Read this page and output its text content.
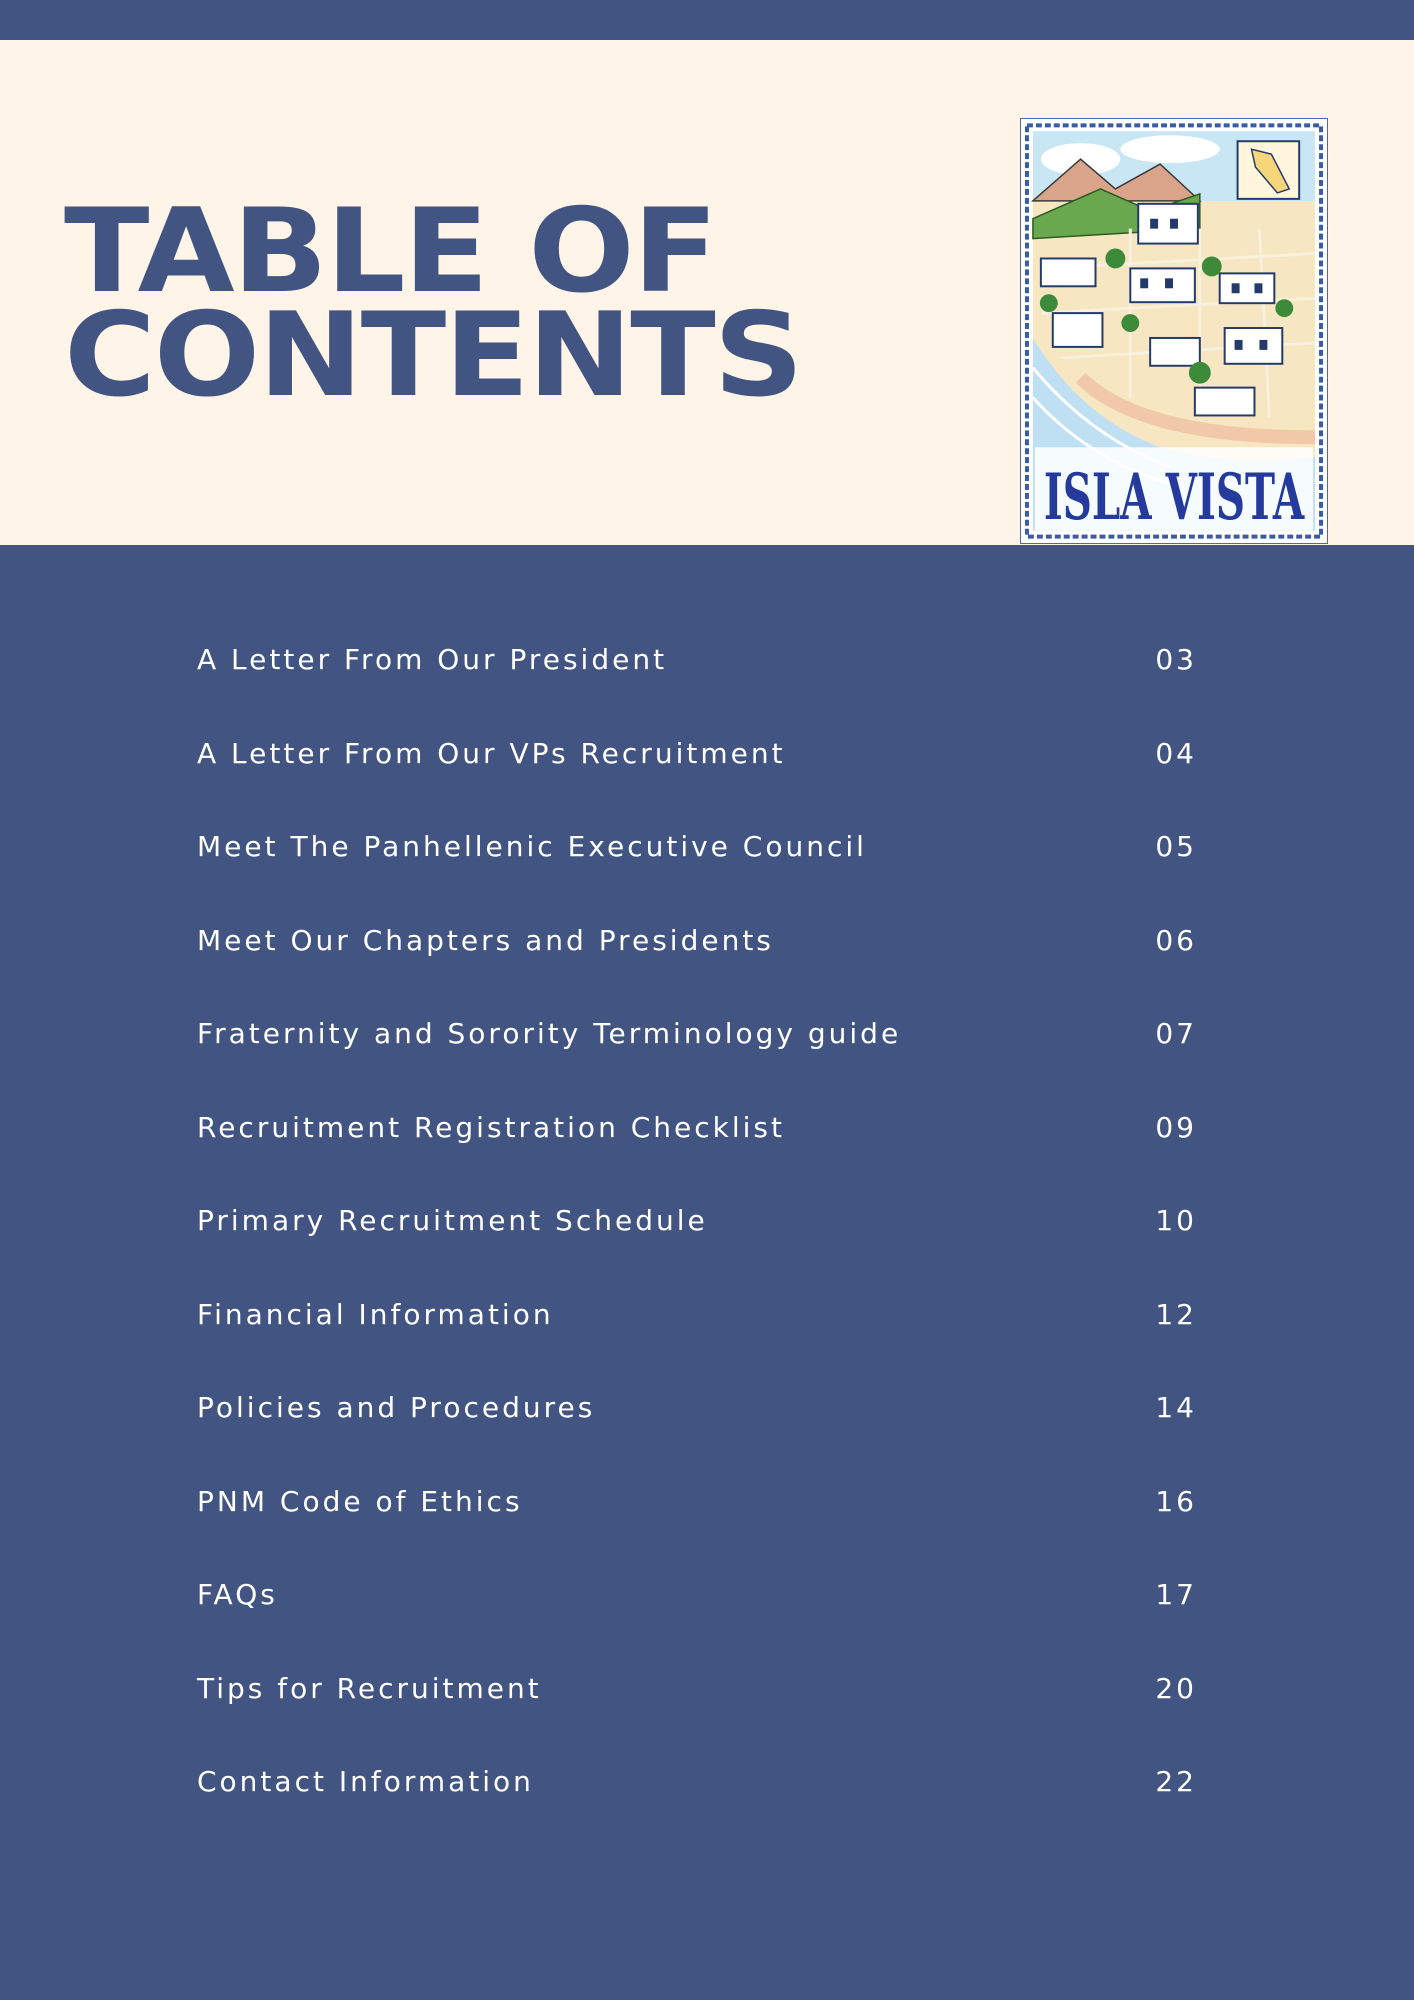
TABLE OF
CONTENTS
ISLA VISTA
A Letter From Our President	03
A Letter From Our VPs Recruitment	04
Meet The Panhellenic Executive Council	05
Meet Our Chapters and Presidents	06
Fraternity and Sorority Terminology guide	07
Recruitment Registration Checklist	09
Primary Recruitment Schedule	10
Financial Information	12
Policies and Procedures	14
PNM Code of Ethics	16
FAQs	17
Tips for Recruitment	20
Contact Information	22
